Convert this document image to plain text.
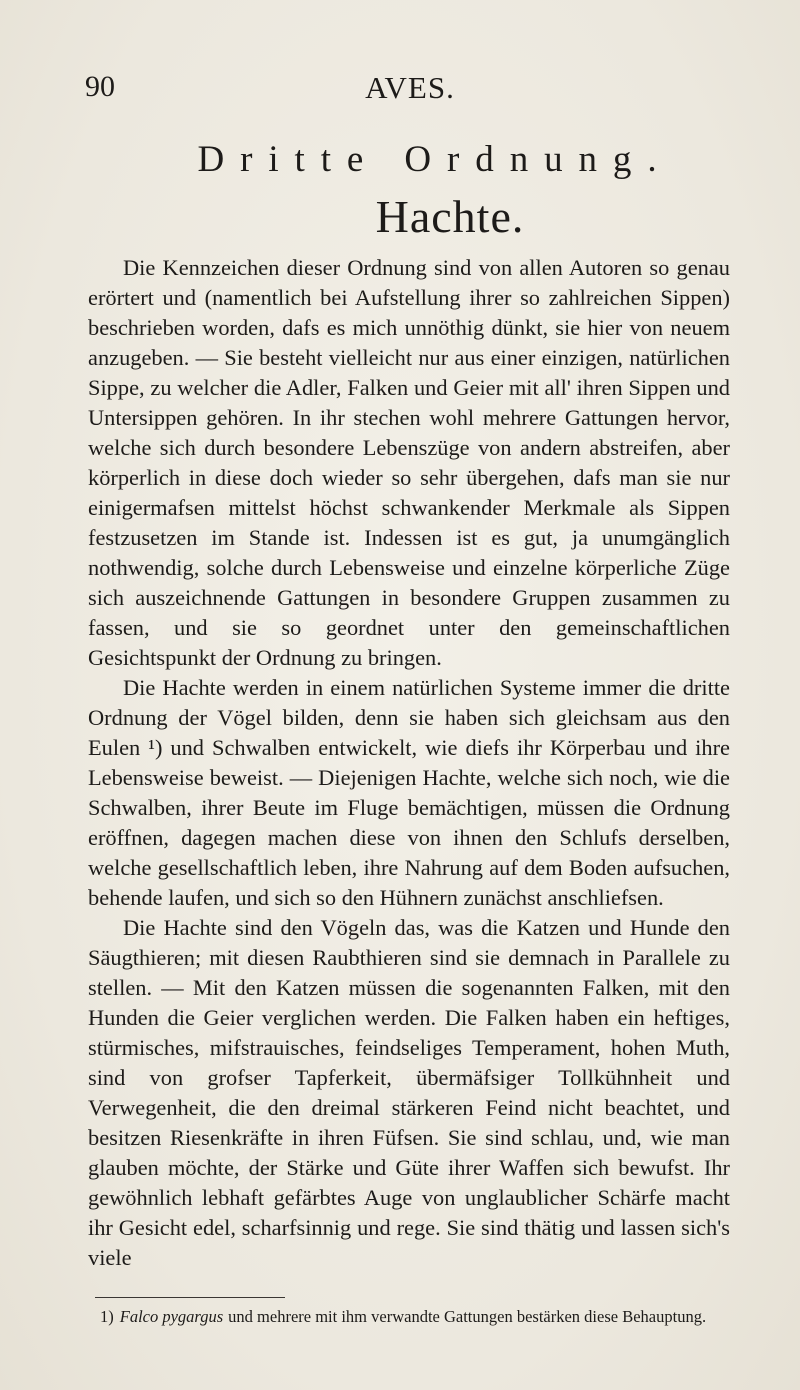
90	AVES.
Dritte Ordnung.
Hachte.

Die Kennzeichen dieser Ordnung sind von allen Autoren so genau erörtert und (namentlich bei Aufstellung ihrer so zahlreichen Sippen) beschrieben worden, dafs es mich unnöthig dünkt, sie hier von neuem anzugeben. — Sie besteht vielleicht nur aus einer einzigen, natürlichen Sippe, zu welcher die Adler, Falken und Geier mit all' ihren Sippen und Untersippen gehören. In ihr stechen wohl mehrere Gattungen hervor, welche sich durch besondere Lebenszüge von andern abstreifen, aber körperlich in diese doch wieder so sehr übergehen, dafs man sie nur einigermafsen mittelst höchst schwankender Merkmale als Sippen festzusetzen im Stande ist. Indessen ist es gut, ja unumgänglich nothwendig, solche durch Lebensweise und einzelne körperliche Züge sich auszeichnende Gattungen in besondere Gruppen zusammen zu fassen, und sie so geordnet unter den gemeinschaftlichen Gesichtspunkt der Ordnung zu bringen.

Die Hachte werden in einem natürlichen Systeme immer die dritte Ordnung der Vögel bilden, denn sie haben sich gleichsam aus den Eulen ¹) und Schwalben entwickelt, wie diefs ihr Körperbau und ihre Lebensweise beweist. — Diejenigen Hachte, welche sich noch, wie die Schwalben, ihrer Beute im Fluge bemächtigen, müssen die Ordnung eröffnen, dagegen machen diese von ihnen den Schlufs derselben, welche gesellschaftlich leben, ihre Nahrung auf dem Boden aufsuchen, behende laufen, und sich so den Hühnern zunächst anschliefsen.

Die Hachte sind den Vögeln das, was die Katzen und Hunde den Säugthieren; mit diesen Raubthieren sind sie demnach in Parallele zu stellen. — Mit den Katzen müssen die sogenannten Falken, mit den Hunden die Geier verglichen werden. Die Falken haben ein heftiges, stürmisches, mifstrauisches, feindseliges Temperament, hohen Muth, sind von grofser Tapferkeit, übermäfsiger Tollkühnheit und Verwegenheit, die den dreimal stärkeren Feind nicht beachtet, und besitzen Riesenkräfte in ihren Füfsen. Sie sind schlau, und, wie man glauben möchte, der Stärke und Güte ihrer Waffen sich bewufst. Ihr gewöhnlich lebhaft gefärbtes Auge von unglaublicher Schärfe macht ihr Gesicht edel, scharfsinnig und rege. Sie sind thätig und lassen sich's viele

1) Falco pygargus und mehrere mit ihm verwandte Gattungen bestärken diese Behauptung.
